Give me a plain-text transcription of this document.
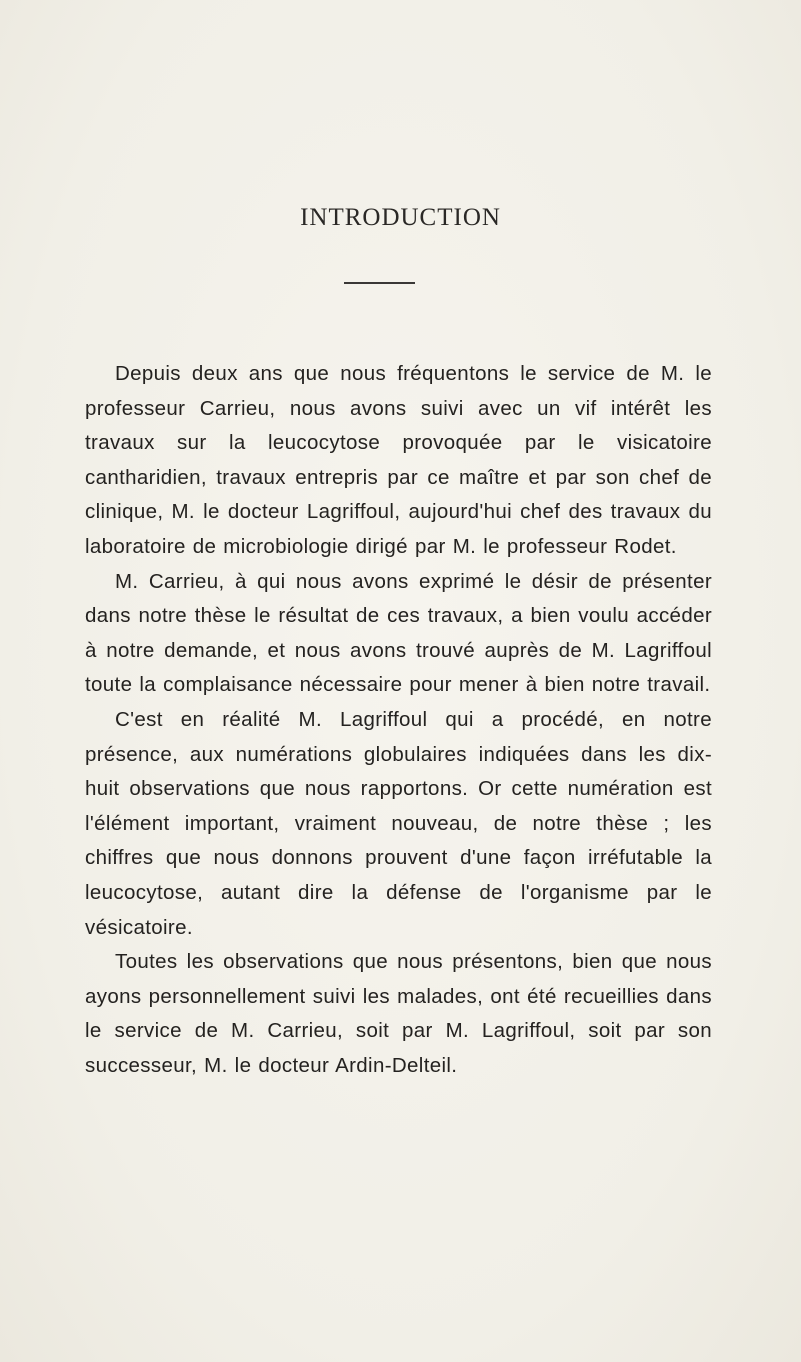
INTRODUCTION

Depuis deux ans que nous fréquentons le service de M. le professeur Carrieu, nous avons suivi avec un vif intérêt les travaux sur la leucocytose provoquée par le visicatoire cantharidien, travaux entrepris par ce maître et par son chef de clinique, M. le docteur Lagriffoul, aujourd'hui chef des travaux du laboratoire de microbiologie dirigé par M. le professeur Rodet.

M. Carrieu, à qui nous avons exprimé le désir de présenter dans notre thèse le résultat de ces travaux, a bien voulu accéder à notre demande, et nous avons trouvé auprès de M. Lagriffoul toute la complaisance nécessaire pour mener à bien notre travail.

C'est en réalité M. Lagriffoul qui a procédé, en notre présence, aux numérations globulaires indiquées dans les dix-huit observations que nous rapportons. Or cette numération est l'élément important, vraiment nouveau, de notre thèse ; les chiffres que nous donnons prouvent d'une façon irréfutable la leucocytose, autant dire la défense de l'organisme par le vésicatoire.

Toutes les observations que nous présentons, bien que nous ayons personnellement suivi les malades, ont été recueillies dans le service de M. Carrieu, soit par M. Lagriffoul, soit par son successeur, M. le docteur Ardin-Delteil.
